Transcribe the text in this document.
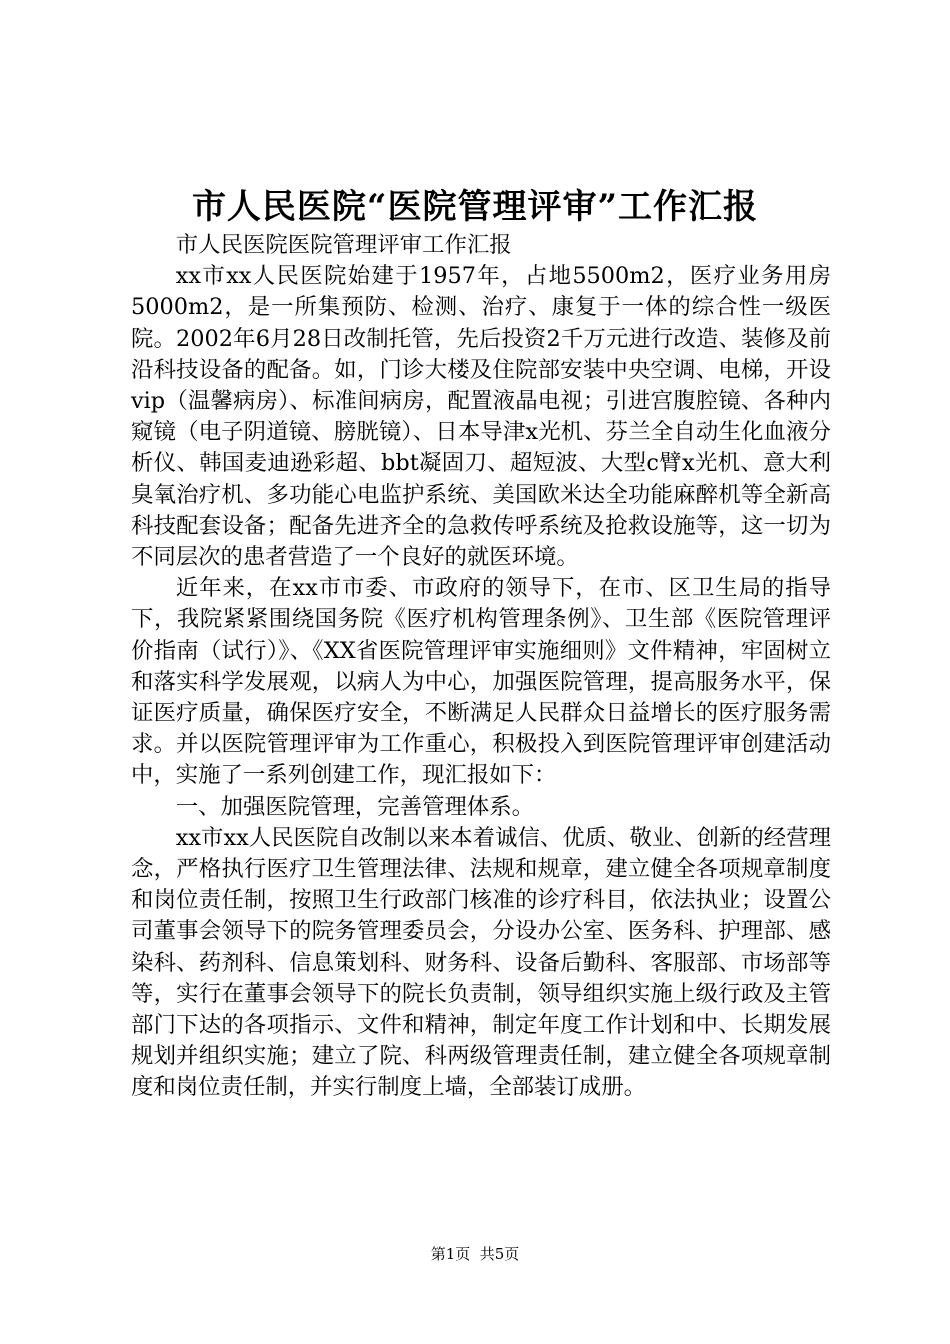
市人民医院“医院管理评审”工作汇报

市人民医院医院管理评审工作汇报

xx市xx人民医院始建于1957年，占地5500m2，医疗业务用房5000m2，是一所集预防、检测、治疗、康复于一体的综合性一级医院。2002年6月28日改制托管，先后投资2千万元进行改造、装修及前沿科技设备的配备。如，门诊大楼及住院部安装中央空调、电梯，开设vip（温馨病房）、标准间病房，配置液晶电视；引进宫腹腔镜、各种内窥镜（电子阴道镜、膀胱镜）、日本导津x光机、芬兰全自动生化血液分析仪、韩国麦迪逊彩超、bbt凝固刀、超短波、大型c臂x光机、意大利臭氧治疗机、多功能心电监护系统、美国欧米达全功能麻醉机等全新高科技配套设备；配备先进齐全的急救传呼系统及抢救设施等，这一切为不同层次的患者营造了一个良好的就医环境。

近年来，在xx市市委、市政府的领导下，在市、区卫生局的指导下，我院紧紧围绕国务院《医疗机构管理条例》、卫生部《医院管理评价指南（试行）》、《XX省医院管理评审实施细则》文件精神，牢固树立和落实科学发展观，以病人为中心，加强医院管理，提高服务水平，保证医疗质量，确保医疗安全，不断满足人民群众日益增长的医疗服务需求。并以医院管理评审为工作重心，积极投入到医院管理评审创建活动中，实施了一系列创建工作，现汇报如下：

一、加强医院管理，完善管理体系。

xx市xx人民医院自改制以来本着诚信、优质、敬业、创新的经营理念，严格执行医疗卫生管理法律、法规和规章，建立健全各项规章制度和岗位责任制，按照卫生行政部门核准的诊疗科目，依法执业；设置公司董事会领导下的院务管理委员会，分设办公室、医务科、护理部、感染科、药剂科、信息策划科、财务科、设备后勤科、客服部、市场部等等，实行在董事会领导下的院长负责制，领导组织实施上级行政及主管部门下达的各项指示、文件和精神，制定年度工作计划和中、长期发展规划并组织实施；建立了院、科两级管理责任制，建立健全各项规章制度和岗位责任制，并实行制度上墙，全部装订成册。

第1页  共5页
